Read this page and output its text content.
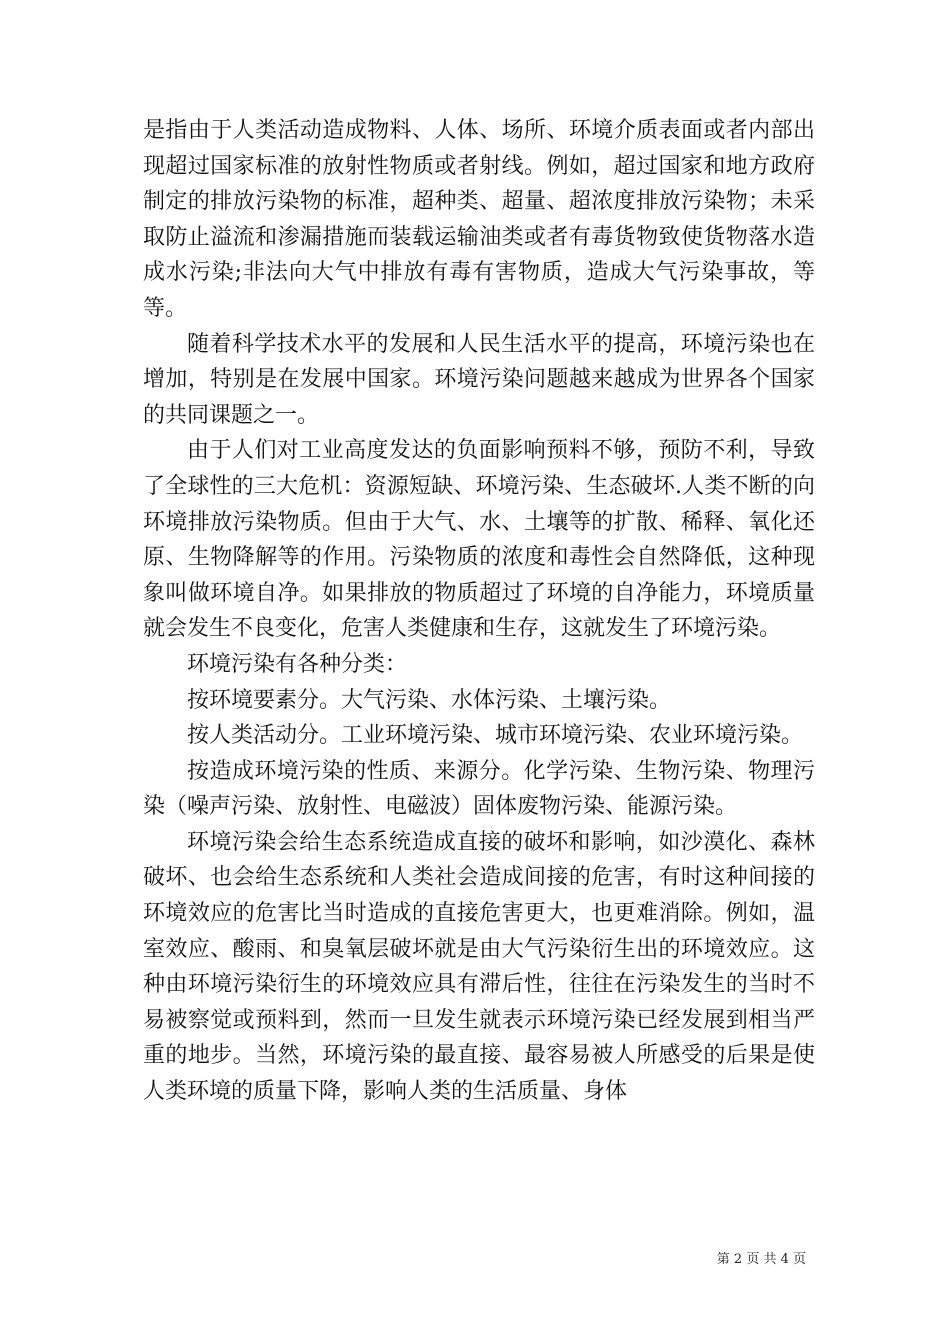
是指由于人类活动造成物料、人体、场所、环境介质表面或者内部出现超过国家标准的放射性物质或者射线。例如，超过国家和地方政府制定的排放污染物的标准，超种类、超量、超浓度排放污染物；未采取防止溢流和渗漏措施而装载运输油类或者有毒货物致使货物落水造成水污染;非法向大气中排放有毒有害物质，造成大气污染事故，等等。

随着科学技术水平的发展和人民生活水平的提高，环境污染也在增加，特别是在发展中国家。环境污染问题越来越成为世界各个国家的共同课题之一。

由于人们对工业高度发达的负面影响预料不够，预防不利，导致了全球性的三大危机：资源短缺、环境污染、生态破坏.人类不断的向环境排放污染物质。但由于大气、水、土壤等的扩散、稀释、氧化还原、生物降解等的作用。污染物质的浓度和毒性会自然降低，这种现象叫做环境自净。如果排放的物质超过了环境的自净能力，环境质量就会发生不良变化，危害人类健康和生存，这就发生了环境污染。

环境污染有各种分类：

按环境要素分。大气污染、水体污染、土壤污染。

按人类活动分。工业环境污染、城市环境污染、农业环境污染。

按造成环境污染的性质、来源分。化学污染、生物污染、物理污染（噪声污染、放射性、电磁波）固体废物污染、能源污染。

环境污染会给生态系统造成直接的破坏和影响，如沙漠化、森林破坏、也会给生态系统和人类社会造成间接的危害，有时这种间接的环境效应的危害比当时造成的直接危害更大，也更难消除。例如，温室效应、酸雨、和臭氧层破坏就是由大气污染衍生出的环境效应。这种由环境污染衍生的环境效应具有滞后性，往往在污染发生的当时不易被察觉或预料到，然而一旦发生就表示环境污染已经发展到相当严重的地步。当然，环境污染的最直接、最容易被人所感受的后果是使人类环境的质量下降，影响人类的生活质量、身体

第 2 页 共 4 页
